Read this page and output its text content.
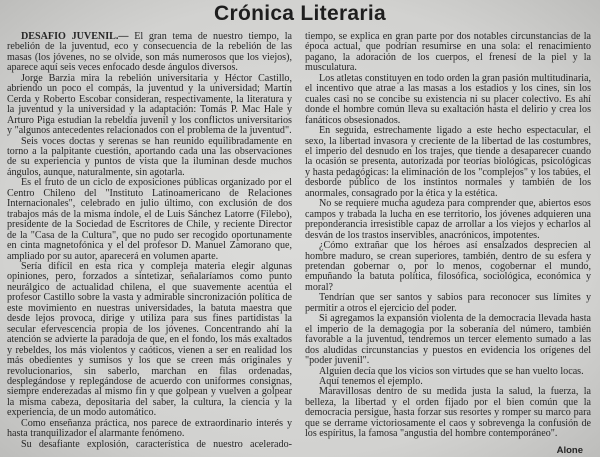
Crónica Literaria

DESAFIO JUVENIL.— El gran tema de nuestro tiempo, la rebelión de la juventud, eco y consecuencia de la rebelión de las masas (los jóvenes, no se olvide, son más numerosos que los viejos), aparece aquí seis veces enfocado desde ángulos diversos.

Jorge Barzia mira la rebelión universitaria y Héctor Castillo, abriendo un poco el compás, la juventud y la universidad; Martín Cerda y Roberto Escobar consideran, respectivamente, la literatura y la juventud y la universidad y la adaptación: Tomás P. Mac Hale y Arturo Piga estudian la rebeldía juvenil y los conflictos universitarios y "algunos antecedentes relacionados con el problema de la juventud".

Seis voces doctas y serenas se han reunido equilibradamente en torno a la palpitante cuestión, aportando cada una las observaciones de su experiencia y puntos de vista que la iluminan desde muchos ángulos, aunque, naturalmente, sin agotarla.

Es el fruto de un ciclo de exposiciones públicas organizado por el Centro Chileno del "Instituto Latinoamericano de Relaciones Internacionales", celebrado en julio último, con exclusión de dos trabajos más de la misma índole, el de Luis Sánchez Latorre (Filebo), presidente de la Sociedad de Escritores de Chile, y reciente Director de la "Casa de la Cultura", que no pudo ser recogido oportunamente en cinta magnetofónica y el del profesor D. Manuel Zamorano que, ampliado por su autor, aparecerá en volumen aparte.

Sería difícil en esta rica y compleja materia elegir algunas opiniones, pero, forzados a sintetizar, señalaríamos como punto neurálgico de actualidad chilena, el que suavemente acentúa el profesor Castillo sobre la vasta y admirable sincronización política de este movimiento en nuestras universidades, la batuta maestra que desde lejos provoca, dirige y utiliza para sus fines partidistas la secular efervescencia propia de los jóvenes. Concentrando ahí la atención se advierte la paradoja de que, en el fondo, los más exaltados y rebeldes, los más violentos y caóticos, vienen a ser en realidad los más obedientes y sumisos y los que se creen más originales y revolucionarios, sin saberlo, marchan en filas ordenadas, desplegándose y replegándose de acuerdo con uniformes consignas, siempre enderezadas al mismo fin y que golpean y vuelven a golpear la misma cabeza, depositaria del saber, la cultura, la ciencia y la experiencia, de un modo automático.

Como enseñanza práctica, nos parece de extraordinario interés y hasta tranquilizador el alarmante fenómeno.

Su desafiante explosión, característica de nuestro acelerado-

tiempo, se explica en gran parte por dos notables circunstancias de la época actual, que podrían resumirse en una sola: el renacimiento pagano, la adoración de los cuerpos, el frenesí de la piel y la musculatura.

Los atletas constituyen en todo orden la gran pasión multitudinaria, el incentivo que atrae a las masas a los estadios y los cines, sin los cuales casi no se concibe su existencia ni su placer colectivo. Es ahí donde el hombre común lleva su exaltación hasta el delirio y crea los fanáticos obsesionados.

En seguida, estrechamente ligado a este hecho espectacular, el sexo, la libertad invasora y creciente de la libertad de las costumbres, el imperio del desnudo en los trajes, que tiende a desaparecer cuando la ocasión se presenta, autorizada por teorías biológicas, psicológicas y hasta pedagógicas: la eliminación de los "complejos" y los tabúes, el desborde público de los instintos normales y también de los anormales, consagrado por la ética y la estética.

No se requiere mucha agudeza para comprender que, abiertos esos campos y trabada la lucha en ese territorio, los jóvenes adquieren una preponderancia irresistible capaz de arrollar a los viejos y echarlos al desván de los trastos inservibles, anacrónicos, impotentes.

¿Cómo extrañar que los héroes así ensalzados desprecien al hombre maduro, se crean superiores, también, dentro de su esfera y pretendan gobernar o, por lo menos, cogobernar el mundo, empuñando la batuta política, filosófica, sociológica, económica y moral?

Tendrían que ser santos y sabios para reconocer sus límites y permitir a otros el ejercicio del poder.

Si agregamos la expansión violenta de la democracia llevada hasta el imperio de la demagogia por la soberanía del número, también favorable a la juventud, tendremos un tercer elemento sumado a las dos aludidas circunstancias y puestos en evidencia los orígenes del "poder juvenil".

Alguien decía que los vicios son virtudes que se han vuelto locas.

Aquí tenemos el ejemplo.

Maravillosas dentro de su medida justa la salud, la fuerza, la belleza, la libertad y el orden fijado por el bien común que la democracia persigue, hasta forzar sus resortes y romper su marco para que se derrame victoriosamente el caos y sobrevenga la confusión de los espíritus, la famosa "angustia del hombre contemporáneo".

Alone
